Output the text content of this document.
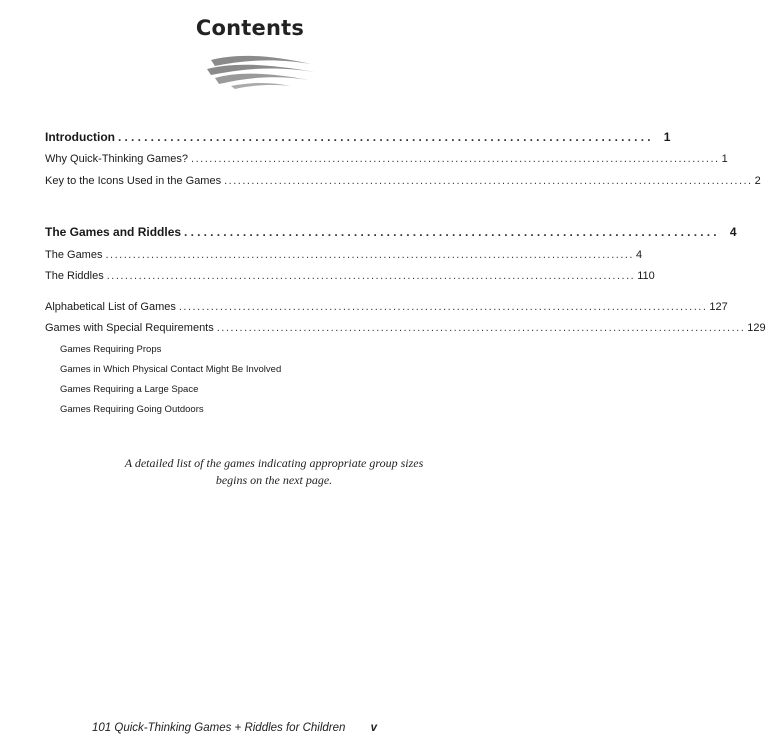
Contents
Introduction .................................................................................. 1
Why Quick-Thinking Games? .................................................................................................................... 1
Key to the Icons Used in the Games .................................................................................................................... 2
The Games and Riddles .................................................................................. 4
The Games .................................................................................................................... 4
The Riddles .................................................................................................................... 110
Alphabetical List of Games .................................................................................................................... 127
Games with Special Requirements .................................................................................................................... 129
Games Requiring Props
Games in Which Physical Contact Might Be Involved
Games Requiring a Large Space
Games Requiring Going Outdoors
A detailed list of the games indicating appropriate group sizes
begins on the next page.
101 Quick-Thinking Games + Riddles for Children v
